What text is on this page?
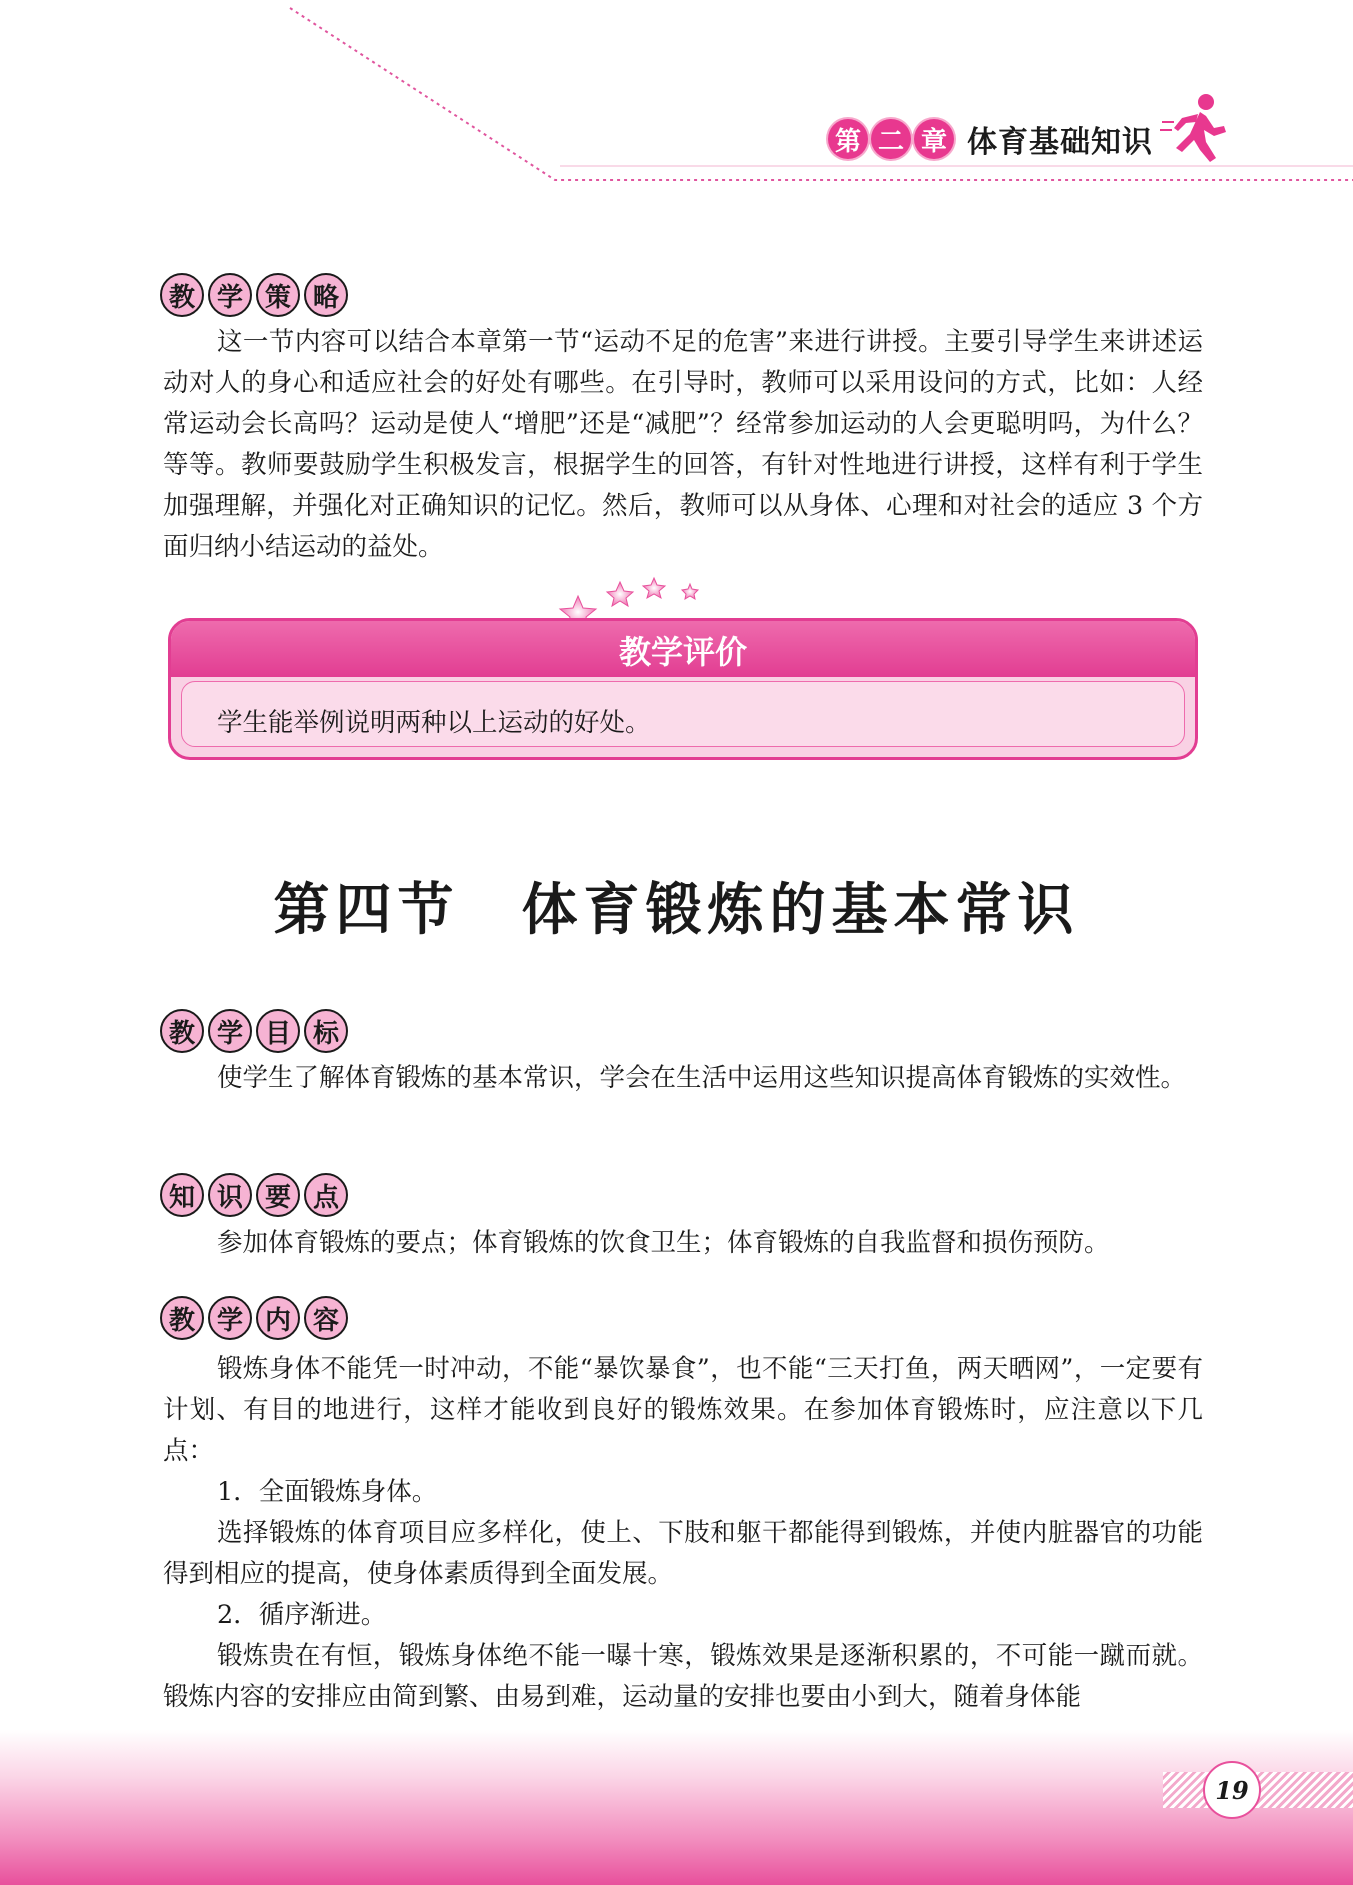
第 二 章 体育基础知识
教 学 策 略

这一节内容可以结合本章第一节“运动不足的危害”来进行讲授。主要引导学生来讲述运动对人的身心和适应社会的好处有哪些。在引导时，教师可以采用设问的方式，比如：人经常运动会长高吗？运动是使人“增肥”还是“减肥”？经常参加运动的人会更聪明吗，为什么？等等。教师要鼓励学生积极发言，根据学生的回答，有针对性地进行讲授，这样有利于学生加强理解，并强化对正确知识的记忆。然后，教师可以从身体、心理和对社会的适应 3 个方面归纳小结运动的益处。

教学评价
学生能举例说明两种以上运动的好处。
第四节　体育锻炼的基本常识
教 学 目 标

使学生了解体育锻炼的基本常识，学会在生活中运用这些知识提高体育锻炼的实效性。

知 识 要 点

参加体育锻炼的要点；体育锻炼的饮食卫生；体育锻炼的自我监督和损伤预防。

教 学 内 容

锻炼身体不能凭一时冲动，不能“暴饮暴食”，也不能“三天打鱼，两天晒网”，一定要有计划、有目的地进行，这样才能收到良好的锻炼效果。在参加体育锻炼时，应注意以下几点：

1．全面锻炼身体。

选择锻炼的体育项目应多样化，使上、下肢和躯干都能得到锻炼，并使内脏器官的功能得到相应的提高，使身体素质得到全面发展。

2．循序渐进。

锻炼贵在有恒，锻炼身体绝不能一曝十寒，锻炼效果是逐渐积累的，不可能一蹴而就。锻炼内容的安排应由简到繁、由易到难，运动量的安排也要由小到大，随着身体能

19
